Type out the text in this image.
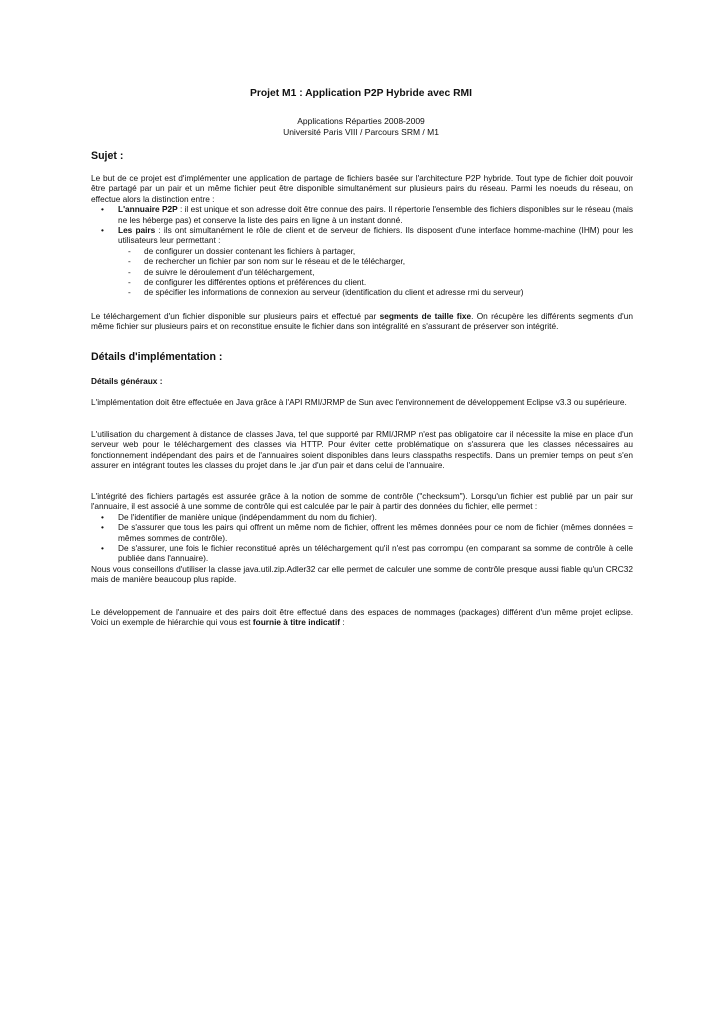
Projet M1 : Application P2P Hybride avec RMI
Applications Réparties 2008-2009
Université Paris VIII / Parcours SRM / M1
Sujet :

Le but de ce projet est d'implémenter une application de partage de fichiers basée sur l'architecture P2P hybride. Tout type de fichier doit pouvoir être partagé par un pair et un même fichier peut être disponible simultanément sur plusieurs pairs du réseau. Parmi les noeuds du réseau, on effectue alors la distinction entre :

• L'annuaire P2P : il est unique et son adresse doit être connue des pairs. Il répertorie l'ensemble des fichiers disponibles sur le réseau (mais ne les héberge pas) et conserve la liste des pairs en ligne à un instant donné.
• Les pairs : ils ont simultanément le rôle de client et de serveur de fichiers. Ils disposent d'une interface homme-machine (IHM) pour les utilisateurs leur permettant :
- de configurer un dossier contenant les fichiers à partager,
- de rechercher un fichier par son nom sur le réseau et de le télécharger,
- de suivre le déroulement d'un téléchargement,
- de configurer les différentes options et préférences du client.
- de spécifier les informations de connexion au serveur (identification du client et adresse rmi du serveur)
Le téléchargement d'un fichier disponible sur plusieurs pairs et effectué par segments de taille fixe. On récupère les différents segments d'un même fichier sur plusieurs pairs et on reconstitue ensuite le fichier dans son intégralité en s'assurant de préserver son intégrité.
Détails d'implémentation :
Détails généraux :
L'implémentation doit être effectuée en Java grâce à l'API RMI/JRMP de Sun avec l'environnement de développement Eclipse v3.3 ou supérieure.
L'utilisation du chargement à distance de classes Java, tel que supporté par RMI/JRMP n'est pas obligatoire car il nécessite la mise en place d'un serveur web pour le téléchargement des classes via HTTP. Pour éviter cette problématique on s'assurera que les classes nécessaires au fonctionnement indépendant des pairs et de l'annuaires soient disponibles dans leurs classpaths respectifs. Dans un premier temps on peut s'en assurer en intégrant toutes les classes du projet dans le .jar d'un pair et dans celui de l'annuaire.

L'intégrité des fichiers partagés est assurée grâce à la notion de somme de contrôle ("checksum"). Lorsqu'un fichier est publié par un pair sur l'annuaire, il est associé à une somme de contrôle qui est calculée par le pair à partir des données du fichier, elle permet :

• De l'identifier de manière unique (indépendamment du nom du fichier).
• De s'assurer que tous les pairs qui offrent un même nom de fichier, offrent les mêmes données pour ce nom de fichier (mêmes données = mêmes sommes de contrôle).
• De s'assurer, une fois le fichier reconstitué après un téléchargement qu'il n'est pas corrompu (en comparant sa somme de contrôle à celle publiée dans l'annuaire).

Nous vous conseillons d'utiliser la classe java.util.zip.Adler32 car elle permet de calculer une somme de contrôle presque aussi fiable qu'un CRC32 mais de manière beaucoup plus rapide.

Le développement de l'annuaire et des pairs doit être effectué dans des espaces de nommages (packages) différent d'un même projet eclipse. Voici un exemple de hiérarchie qui vous est fournie à titre indicatif :
